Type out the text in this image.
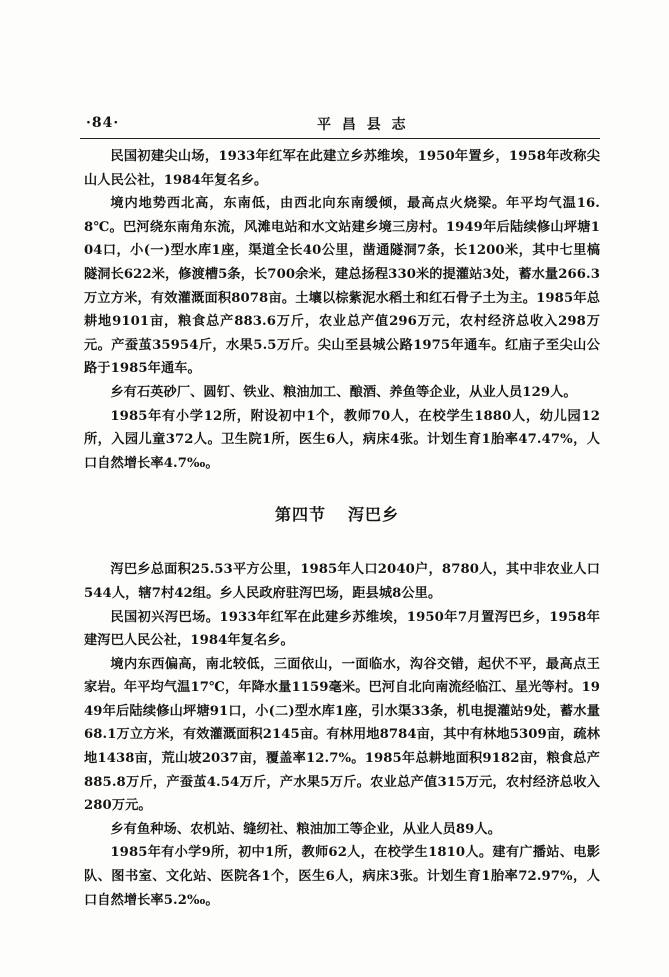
·84·	平 昌 县 志

民国初建尖山场，1933年红军在此建立乡苏维埃，1950年置乡，1958年改称尖山人民公社，1984年复名乡。

境内地势西北高，东南低，由西北向东南缓倾，最高点火烧梁。年平均气温16.8℃。巴河绕东南角东流，风滩电站和水文站建乡境三房村。1949年后陆续修山坪塘104口，小(一)型水库1座，渠道全长40公里，凿通隧洞7条，长1200米，其中七里槁隧洞长622米，修渡槽5条，长700余米，建总扬程330米的提灌站3处，蓄水量266.3万立方米，有效灌溉面积8078亩。土壤以棕紫泥水稻土和红石骨子土为主。1985年总耕地9101亩，粮食总产883.6万斤，农业总产值296万元，农村经济总收入298万元。产蚕茧35954斤，水果5.5万斤。尖山至县城公路1975年通车。红庙子至尖山公路于1985年通车。

乡有石英砂厂、圆钉、铁业、粮油加工、酿酒、养鱼等企业，从业人员129人。

1985年有小学12所，附设初中1个，教师70人，在校学生1880人，幼儿园12所，入园儿童372人。卫生院1所，医生6人，病床4张。计划生育1胎率47.47%，人口自然增长率4.7‰。

第四节 泻巴乡

泻巴乡总面积25.53平方公里，1985年人口2040户，8780人，其中非农业人口544人，辖7村42组。乡人民政府驻泻巴场，距县城8公里。

民国初兴泻巴场。1933年红军在此建乡苏维埃，1950年7月置泻巴乡，1958年建泻巴人民公社，1984年复名乡。

境内东西偏高，南北较低，三面依山，一面临水，沟谷交错，起伏不平，最高点王家岩。年平均气温17℃，年降水量1159毫米。巴河自北向南流经临江、星光等村。1949年后陆续修山坪塘91口，小(二)型水库1座，引水渠33条，机电提灌站9处，蓄水量68.1万立方米，有效灌溉面积2145亩。有林用地8784亩，其中有林地5309亩，疏林地1438亩，荒山坡2037亩，覆盖率12.7%。1985年总耕地面积9182亩，粮食总产885.8万斤，产蚕茧4.54万斤，产水果5万斤。农业总产值315万元，农村经济总收入280万元。

乡有鱼种场、农机站、缝纫社、粮油加工等企业，从业人员89人。

1985年有小学9所，初中1所，教师62人，在校学生1810人。建有广播站、电影队、图书室、文化站、医院各1个，医生6人，病床3张。计划生育1胎率72.97%，人口自然增长率5.2‰。
